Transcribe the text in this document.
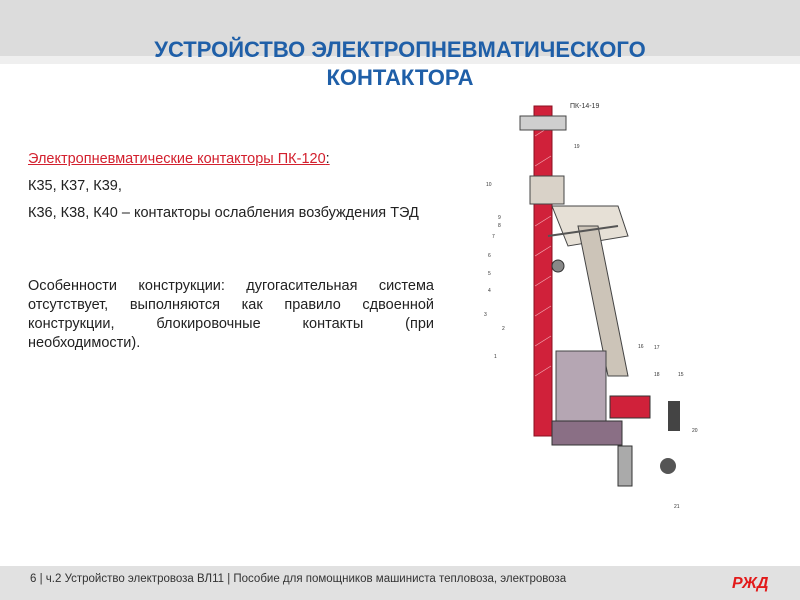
УСТРОЙСТВО ЭЛЕКТРОПНЕВМАТИЧЕСКОГО
КОНТАКТОРА
Электропневматические контакторы ПК-120:
К35, К37, К39,
К36, К38, К40 – контакторы ослабления возбуждения ТЭД
Особенности конструкции: дугогасительная система отсутствует, выполняются как правило сдвоенной конструкции, блокировочные контакты (при необходимости).
ПК-14-19
19
10
9
8
7
6
5
4
3
2
1
16 17
18	15
20
21
6 | ч.2 Устройство электровоза ВЛ11 | Пособие для помощников машиниста тепловоза, электровоза	РЖД
